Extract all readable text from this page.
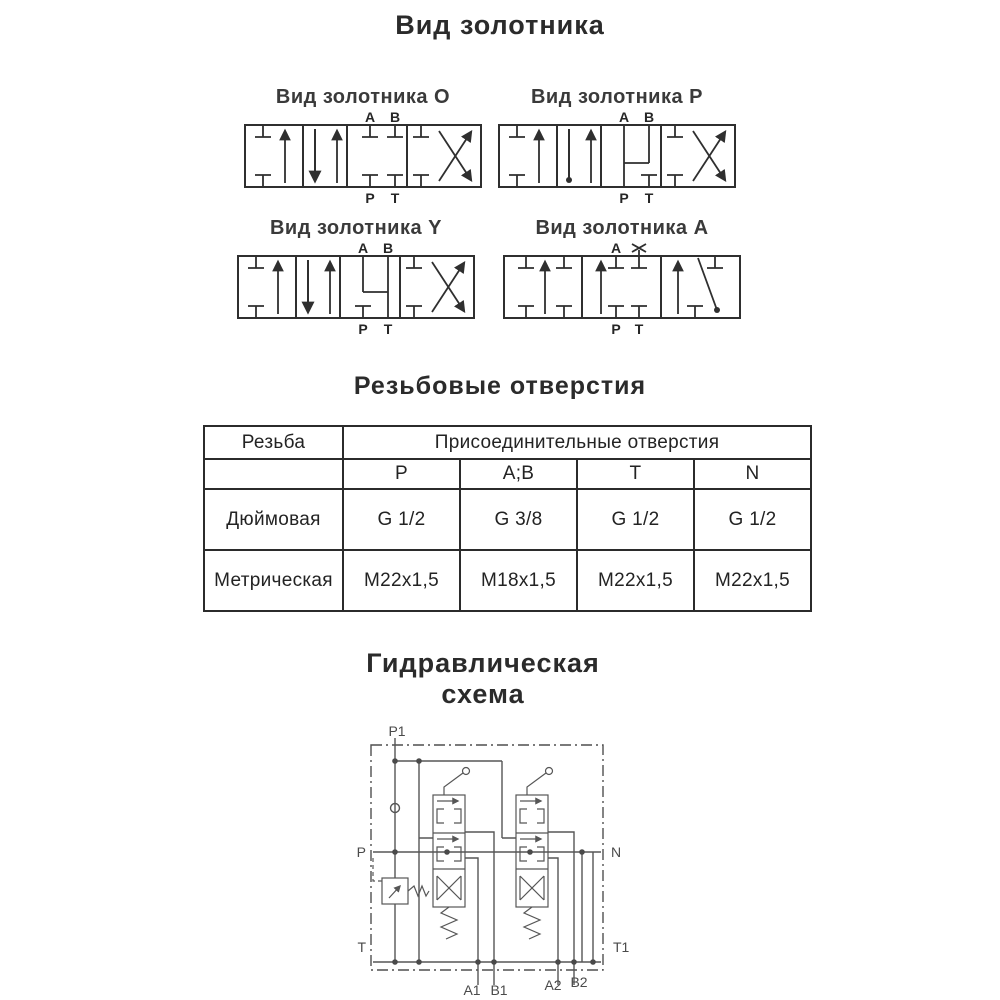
Вид золотника
Вид золотника O
A B
P T
Вид золотника P
A B
P T
Вид золотника Y
A B
P T
Вид золотника A
A
P T
Резьбовые отверстия
Резьба	Присоединительные отверстия			
	P	A;B	T	N
Дюймовая	G 1/2	G 3/8	G 1/2	G 1/2
Метрическая	M22x1,5	M18x1,5	M22x1,5	M22x1,5
Гидравлическая
схема
P1
P	N
T	T1
A1 B1	A2 B2
